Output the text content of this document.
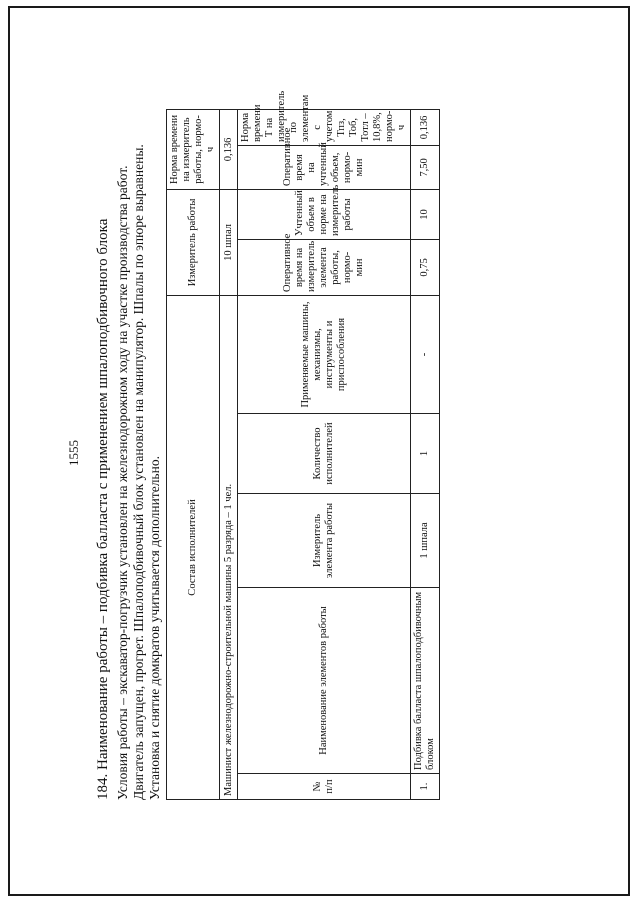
1555 184. Наименование работы – подбивка балласта с применением шпалоподбивочного блока Условия работы – экскаватор-погрузчик установлен на железнодорожном ходу на участке производства работ. Двигатель запущен, прогрет. Шпалоподбивочный блок установлен на манипулятор. Шпалы по эпюре выравнены. Установка и снятие домкратов учитывается дополнительно. Состав исполнителей					Измеритель работы		Норма времени на измеритель работы, нормо-ч	
Машинист железнодорожно-строительной машины 5 разряда – 1 чел.					10 шпал		0,136	
№ п/п	Наименование элементов работы	Измеритель элемента работы	Количество исполнителей	Применяемые машины, механизмы, инструменты и приспособления	Оперативное время на измеритель элемента работы, нормо-мин	Учтенный объем в норме на измеритель работы	Оперативное время на учтенный объем, нормо-мин	Норма времени Т на измеритель по элементам с учетом Тпз, Тоб, Тотл – 10,8%, нормо-ч
1.	Подбивка балласта шпалоподбивочным блоком	1 шпала	1	-	0,75	10	7,50	0,136
